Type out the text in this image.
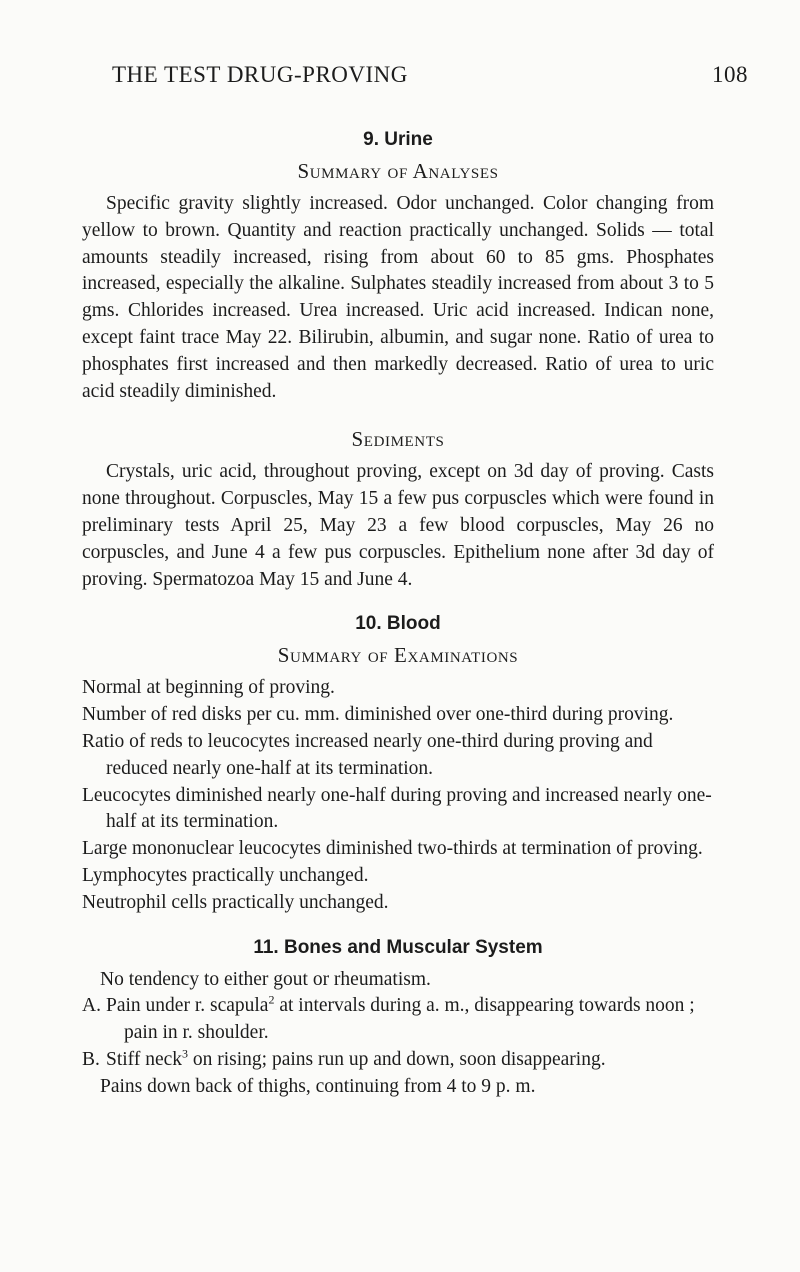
THE TEST DRUG-PROVING	108
9. Urine
Summary of Analyses

Specific gravity slightly increased. Odor unchanged. Color changing from yellow to brown. Quantity and reaction practically unchanged. Solids — total amounts steadily increased, rising from about 60 to 85 gms. Phosphates increased, especially the alkaline. Sulphates steadily increased from about 3 to 5 gms. Chlorides increased. Urea increased. Uric acid increased. Indican none, except faint trace May 22. Bilirubin, albumin, and sugar none. Ratio of urea to phosphates first increased and then markedly decreased. Ratio of urea to uric acid steadily diminished.

Sediments

Crystals, uric acid, throughout proving, except on 3d day of proving. Casts none throughout. Corpuscles, May 15 a few pus corpuscles which were found in preliminary tests April 25, May 23 a few blood corpuscles, May 26 no corpuscles, and June 4 a few pus corpuscles. Epithelium none after 3d day of proving. Spermatozoa May 15 and June 4.

10. Blood
Summary of Examinations

Normal at beginning of proving.

Number of red disks per cu. mm. diminished over one-third during proving.

Ratio of reds to leucocytes increased nearly one-third during proving and reduced nearly one-half at its termination.

Leucocytes diminished nearly one-half during proving and increased nearly one-half at its termination.

Large mononuclear leucocytes diminished two-thirds at termination of proving.

Lymphocytes practically unchanged.

Neutrophil cells practically unchanged.

11. Bones and Muscular System

No tendency to either gout or rheumatism.

A. Pain under r. scapula$^2$ at intervals during a. m., disappearing towards noon ; pain in r. shoulder.

B. Stiff neck$^3$ on rising; pains run up and down, soon disappearing.

Pains down back of thighs, continuing from 4 to 9 p. m.
